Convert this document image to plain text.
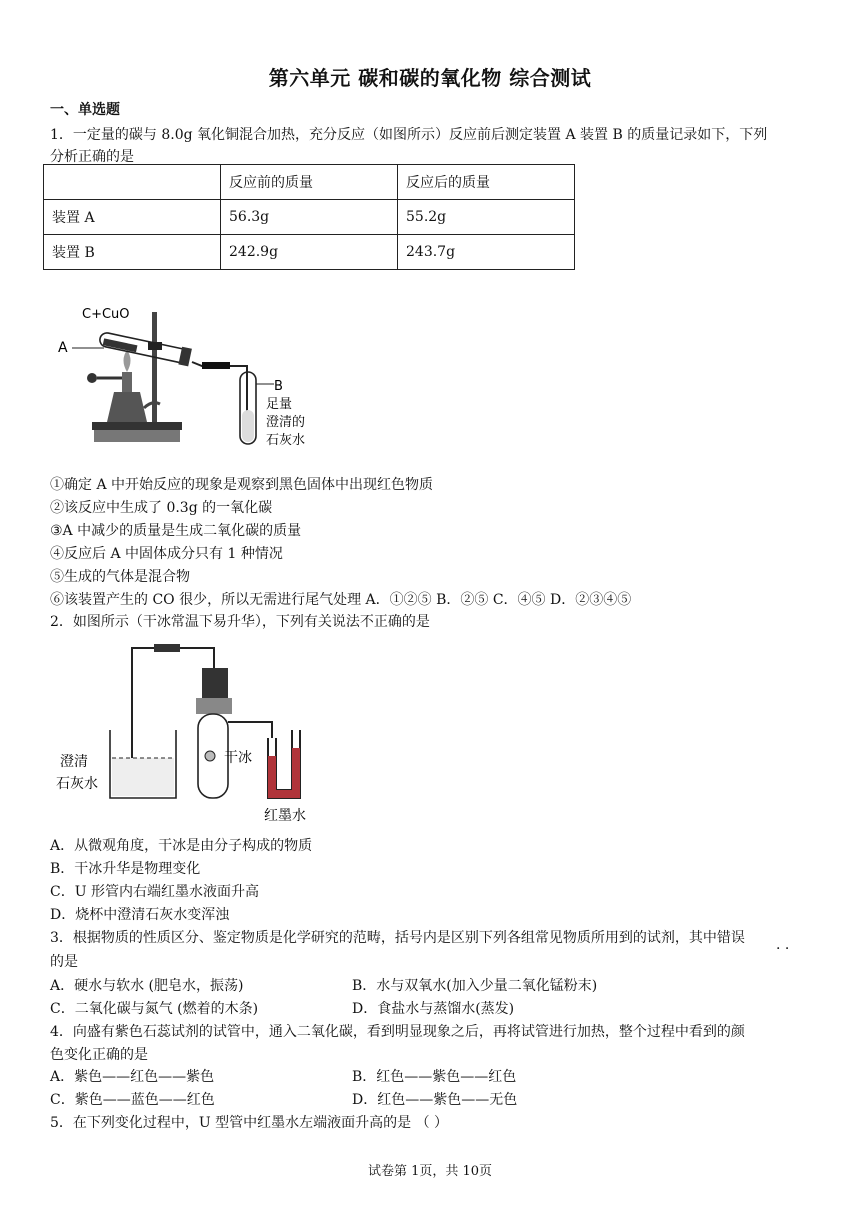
第六单元 碳和碳的氧化物 综合测试
一、单选题
1．一定量的碳与 8.0g 氧化铜混合加热，充分反应（如图所示）反应前后测定装置 A 装置 B 的质量记录如下，下列
分析正确的是
	反应前的质量	反应后的质量
装置 A	56.3g	55.2g
装置 B	242.9g	243.7g
C+CuO
A
B
足量
澄清的
石灰水
①确定 A 中开始反应的现象是观察到黑色固体中出现红色物质
②该反应中生成了 0.3g 的一氧化碳
③A 中减少的质量是生成二氧化碳的质量
④反应后 A 中固体成分只有 1 种情况
⑤生成的气体是混合物
⑥该装置产生的 CO 很少，所以无需进行尾气处理 A．①②⑤ B．②⑤ C．④⑤ D．②③④⑤
2．如图所示（干冰常温下易升华），下列有关说法不正确的是
澄清
石灰水
干冰
红墨水
A．从微观角度，干冰是由分子构成的物质
B．干冰升华是物理变化
C．U 形管内右端红墨水液面升高
D．烧杯中澄清石灰水变浑浊
3．根据物质的性质区分、鉴定物质是化学研究的范畴，括号内是区别下列各组常见物质所用到的试剂，其中错误
· ·
的是
A．硬水与软水 (肥皂水，振荡)	B．水与双氧水(加入少量二氧化锰粉末)
C．二氧化碳与氮气 (燃着的木条)	D．食盐水与蒸馏水(蒸发)
4．向盛有紫色石蕊试剂的试管中，通入二氧化碳，看到明显现象之后，再将试管进行加热，整个过程中看到的颜
色变化正确的是
A．紫色——红色——紫色	B．红色——紫色——红色
C．紫色——蓝色——红色	D．红色——紫色——无色
5．在下列变化过程中，U 型管中红墨水左端液面升高的是 （ ）
试卷第 1页，共 10页
